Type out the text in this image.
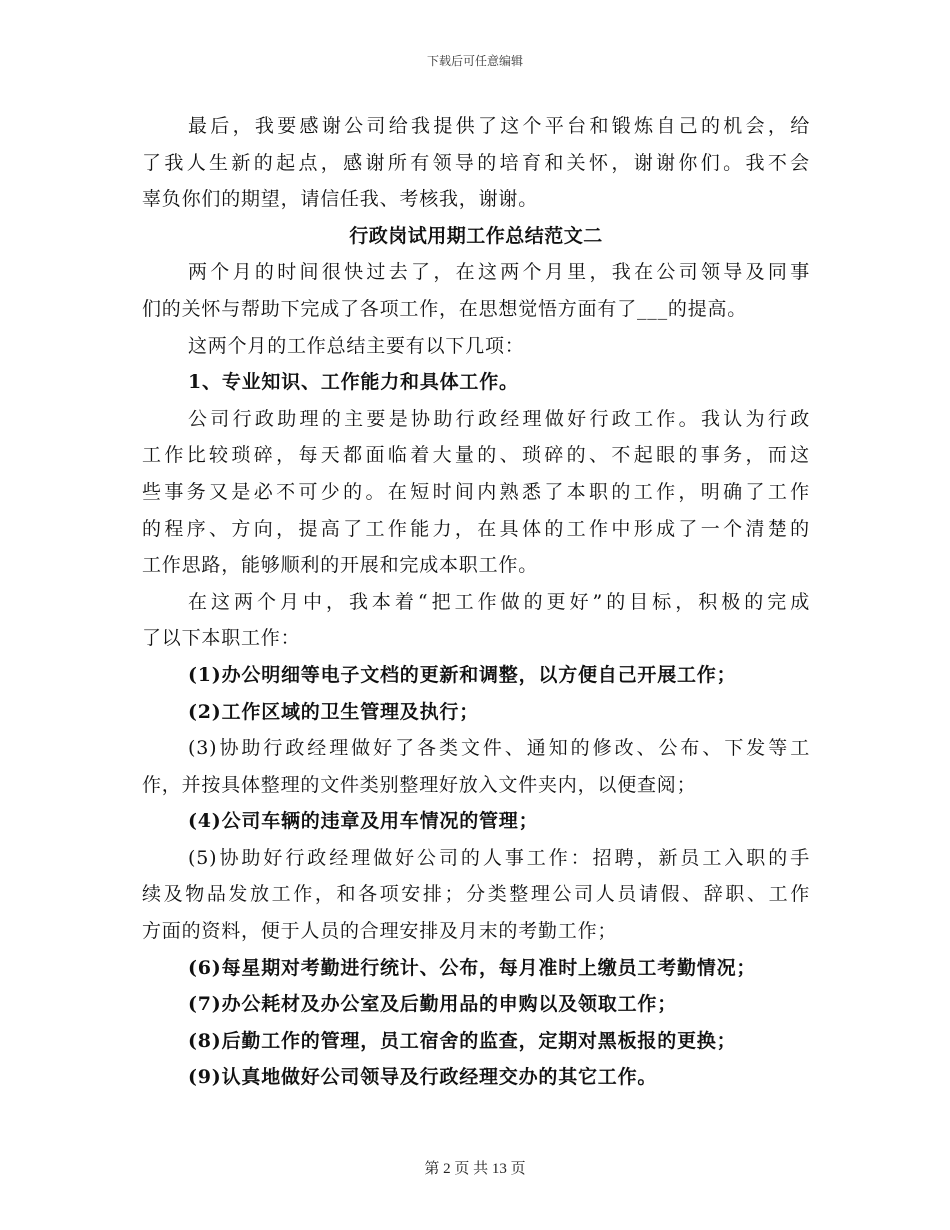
下载后可任意编辑
最后，我要感谢公司给我提供了这个平台和锻炼自己的机会，给
了我人生新的起点，感谢所有领导的培育和关怀，谢谢你们。我不会
辜负你们的期望，请信任我、考核我，谢谢。
行政岗试用期工作总结范文二
两个月的时间很快过去了，在这两个月里，我在公司领导及同事
们的关怀与帮助下完成了各项工作，在思想觉悟方面有了___的提高。
这两个月的工作总结主要有以下几项：
1、专业知识、工作能力和具体工作。
公司行政助理的主要是协助行政经理做好行政工作。我认为行政
工作比较琐碎，每天都面临着大量的、琐碎的、不起眼的事务，而这
些事务又是必不可少的。在短时间内熟悉了本职的工作，明确了工作
的程序、方向，提高了工作能力，在具体的工作中形成了一个清楚的
工作思路，能够顺利的开展和完成本职工作。
在这两个月中，我本着“把工作做的更好”的目标，积极的完成
了以下本职工作：
(1)办公明细等电子文档的更新和调整，以方便自己开展工作；
(2)工作区域的卫生管理及执行；
(3)协助行政经理做好了各类文件、通知的修改、公布、下发等工
作，并按具体整理的文件类别整理好放入文件夹内，以便查阅；
(4)公司车辆的违章及用车情况的管理；
(5)协助好行政经理做好公司的人事工作：招聘，新员工入职的手
续及物品发放工作，和各项安排；分类整理公司人员请假、辞职、工作
方面的资料，便于人员的合理安排及月末的考勤工作；
(6)每星期对考勤进行统计、公布，每月准时上缴员工考勤情况；
(7)办公耗材及办公室及后勤用品的申购以及领取工作；
(8)后勤工作的管理，员工宿舍的监查，定期对黑板报的更换；
(9)认真地做好公司领导及行政经理交办的其它工作。
第 2 页 共 13 页
